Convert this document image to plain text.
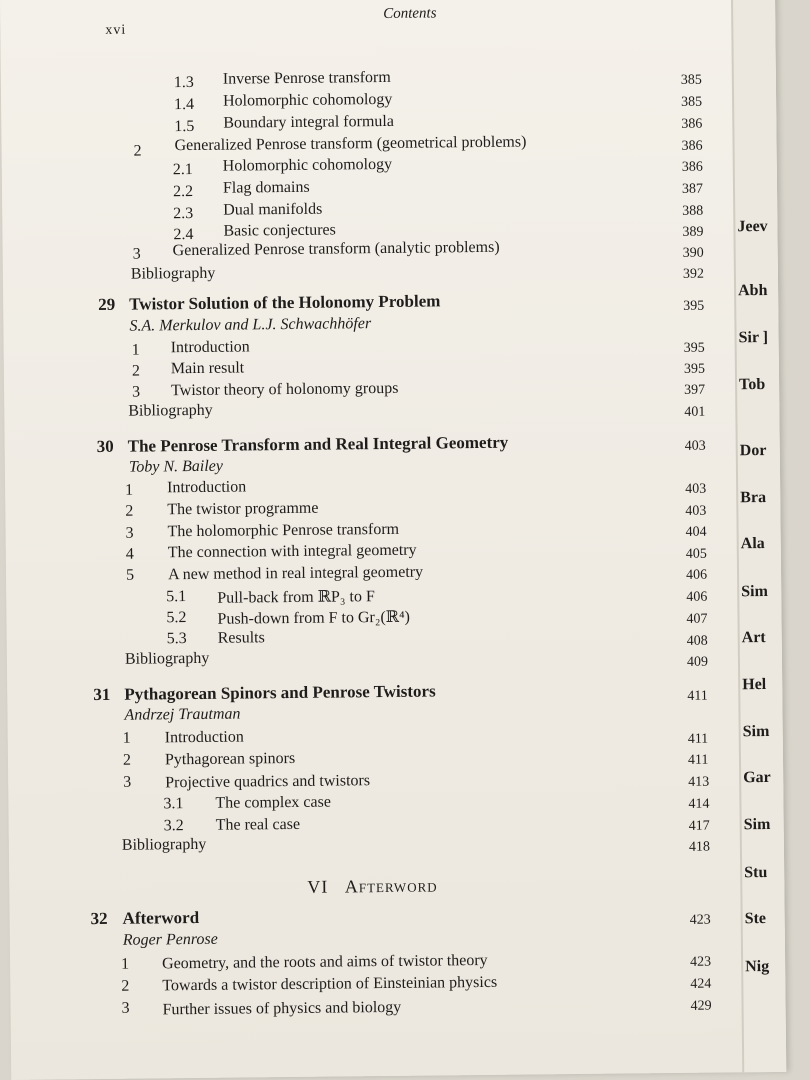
Contents
xvi
1.3 Inverse Penrose transform	385
1.4 Holomorphic cohomology	385
1.5 Boundary integral formula	386
2 Generalized Penrose transform (geometrical problems)	386
2.1 Holomorphic cohomology	386
2.2 Flag domains	387
2.3 Dual manifolds	388
2.4 Basic conjectures	389
3 Generalized Penrose transform (analytic problems)	390
Bibliography	392
29 Twistor Solution of the Holonomy Problem	395
S.A. Merkulov and L.J. Schwachhöfer
1 Introduction	395
2 Main result	395
3 Twistor theory of holonomy groups	397
Bibliography	401
30 The Penrose Transform and Real Integral Geometry	403
Toby N. Bailey
1 Introduction	403
2 The twistor programme	403
3 The holomorphic Penrose transform	404
4 The connection with integral geometry	405
5 A new method in real integral geometry	406
5.1 Pull-back from ℝP₃ to F	406
5.2 Push-down from F to Gr₂(ℝ⁴)	407
5.3 Results	408
Bibliography	409
31 Pythagorean Spinors and Penrose Twistors	411
Andrzej Trautman
1 Introduction	411
2 Pythagorean spinors	411
3 Projective quadrics and twistors	413
3.1 The complex case	414
3.2 The real case	417
Bibliography	418
VI Afterword
32 Afterword	423
Roger Penrose
1 Geometry, and the roots and aims of twistor theory	423
2 Towards a twistor description of Einsteinian physics	424
3 Further issues of physics and biology	429
Jeev
Abh
Sir ]
Tob
Dor
Bra
Ala
Sim
Art
Hel
Sim
Gar
Sim
Stu
Ste
Nig
